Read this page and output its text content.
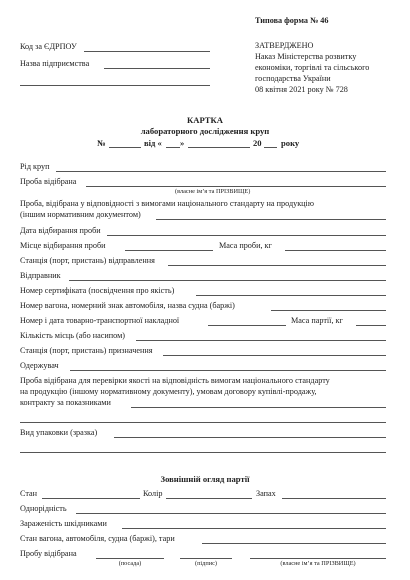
Типова форма № 46
Код за ЄДРПОУ
Назва підприємства
ЗАТВЕРДЖЕНО
Наказ Міністерства розвитку
економіки, торгівлі та сільського
господарства України
08 квітня 2021 року № 728
КАРТКА
лабораторного дослідження круп
№	від « »	20 року
Рід круп
Проба відібрана
(власне ім’я та ПРІЗВИЩЕ)
Проба, відібрана у відповідності з вимогами національного стандарту на продукцію
(іншим нормативним документом)
Дата відбирання проби
Місце відбирання проби	Маса проби, кг
Станція (порт, пристань) відправлення
Відправник
Номер сертифіката (посвідчення про якість)
Номер вагона, номерний знак автомобіля, назва судна (баржі)
Номер і дата товарно-транспортної накладної	Маса партії, кг
Кількість місць (або насипом)
Станція (порт, пристань) призначення
Одержувач
Проба відібрана для перевірки якості на відповідність вимогам національного стандарту
на продукцію (іншому нормативному документу), умовам договору купівлі-продажу,
контракту за показниками
Вид упаковки (зразка)
Зовнішній огляд партії
Стан	Колір	Запах
Однорідність
Зараженість шкідниками
Стан вагона, автомобіля, судна (баржі), тари
Пробу відібрана
(посада)	(підпис)	(власне ім’я та ПРІЗВИЩЕ)
